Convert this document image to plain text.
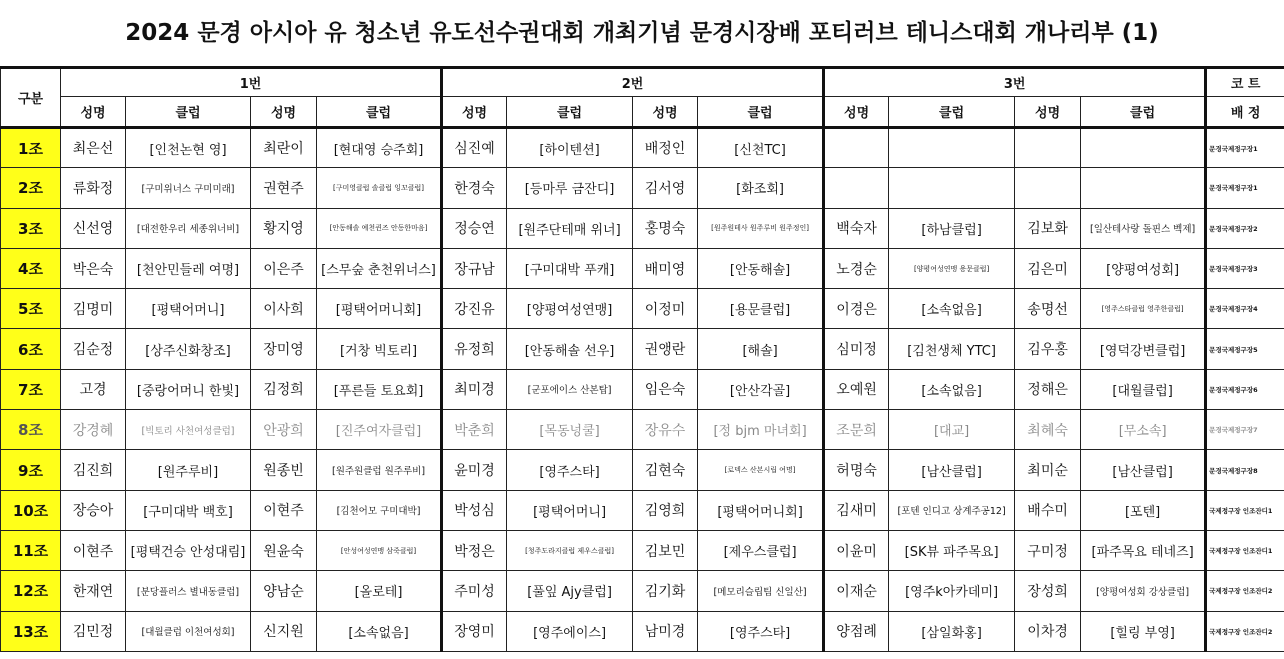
2024 문경 아시아 유 청소년 유도선수권대회 개최기념 문경시장배 포티러브 테니스대회 개나리부 (1)
구분	1번				2번				3번				코 트
	성명	클럽	성명	클럽	성명	클럽	성명	클럽	성명	클럽	성명	클럽	배 정
1조	최은선	[인천논현 영]	최란이	[현대영 승주회]	심진예	[하이텐션]	배정인	[신천TC]					문경국제정구장1
2조	류화정	[구미위너스 구미미래]	권현주	[구미영클럽 솔클럽 잉꼬클럽]	한경숙	[등마루 금잔디]	김서영	[화조회]					문경국제정구장1
3조	신선영	[대전한우리 세종위너비]	황지영	[안동해솔 예천퀸즈 안동한마음]	정승연	[원주단테매 위너]	홍명숙	[원주원테사 원주루비 원주정인]	백숙자	[하남클럽]	김보화	[일산테사랑 돌핀스 벡제]	문경국제정구장2
4조	박은숙	[천안민들레 여명]	이은주	[스무숲 춘천위너스]	장규남	[구미대박 푸캐]	배미영	[안동해솔]	노경순	[양평여성연맹 용문클럽]	김은미	[양평여성회]	문경국제정구장3
5조	김명미	[평택어머니]	이사희	[평택어머니회]	강진유	[양평여성연맹]	이정미	[용문클럽]	이경은	[소속없음]	송명선	[영주스타클럽 영주한클럽]	문경국제정구장4
6조	김순정	[상주신화창조]	장미영	[거창 빅토리]	유정희	[안동해솔 선우]	권앵란	[해솔]	심미정	[김천생체 YTC]	김우홍	[영덕강변클럽]	문경국제정구장5
7조	고경	[중랑어머니 한빛]	김정희	[푸른들 토요회]	최미경	[군포에이스 산본탑]	임은숙	[안산각골]	오예원	[소속없음]	정해은	[대월클럽]	문경국제정구장6
8조	강경혜	[빅토리 사천여성클럽]	안광희	[진주여자클럽]	박춘희	[목동넝쿨]	장유수	[정 bjm 마녀회]	조문희	[대교]	최혜숙	[무소속]	문경국제정구장7
9조	김진희	[원주루비]	원종빈	[원주원클럽 원주루비]	윤미경	[영주스타]	김현숙	[로덱스 산본시립 여명]	허명숙	[남산클럽]	최미순	[남산클럽]	문경국제정구장8
10조	장승아	[구미대박 백호]	이현주	[김천어모 구미대박]	박성심	[평택어머니]	김영희	[평택어머니회]	김새미	[포텐 인디고 상계주공12]	배수미	[포텐]	국제정구장 인조잔디1
11조	이현주	[평택건승 안성대림]	원윤숙	[안성여성연맹 삼죽클럽]	박정은	[청주도라지클럽 제우스클럽]	김보민	[제우스클럽]	이윤미	[SK뷰 파주목요]	구미정	[파주목요 테네즈]	국제정구장 인조잔디1
12조	한재연	[분당플러스 별내동클럽]	양남순	[올로테]	주미성	[풀잎 Ajy클럽]	김기화	[메모리슬립팀 신일산]	이재순	[영주k아카데미]	장성희	[양평여성회 강상클럽]	국제정구장 인조잔디2
13조	김민정	[대월클럽 이천여성회]	신지원	[소속없음]	장영미	[영주에이스]	남미경	[영주스타]	양점례	[삼일화홍]	이차경	[힐링 부영]	국제정구장 인조잔디2
